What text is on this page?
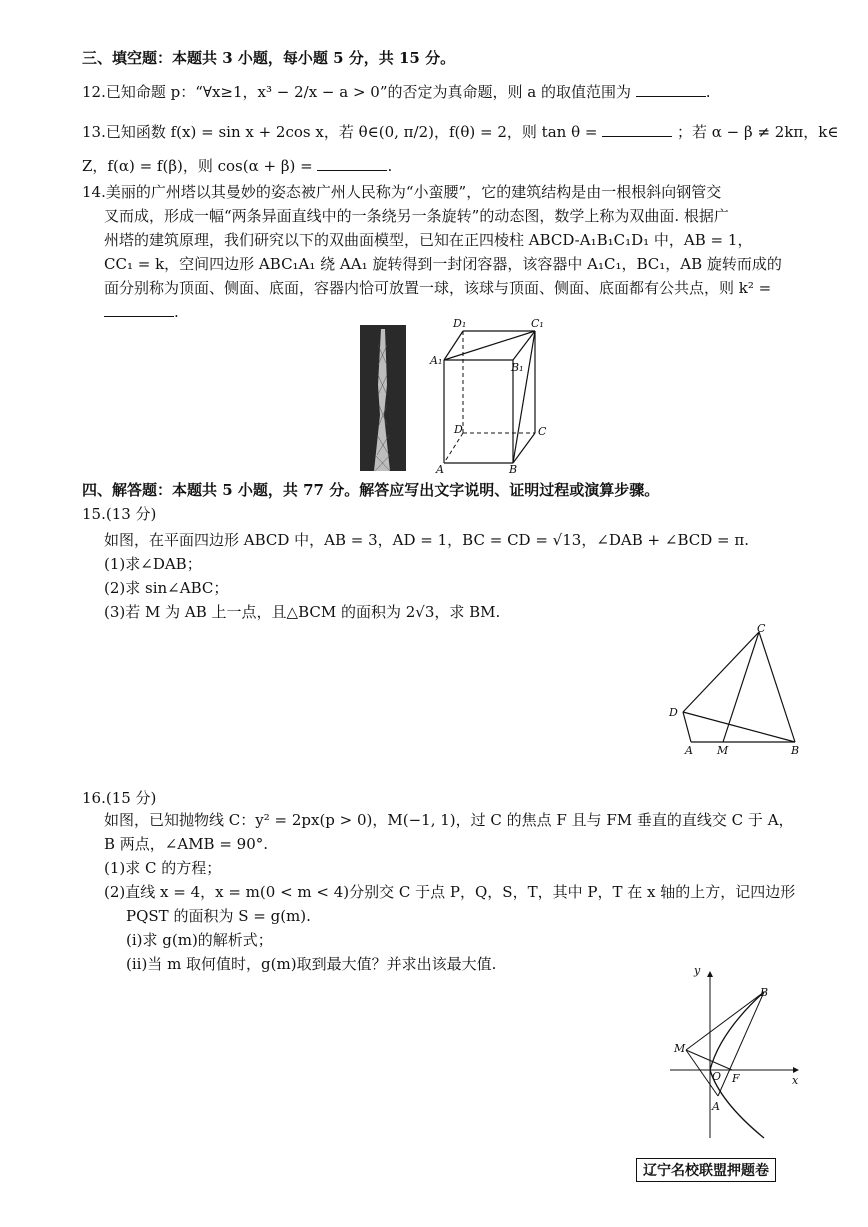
三、填空题：本题共 3 小题，每小题 5 分，共 15 分。
12.已知命题 p：“∀x≥1，x³ − 2/x − a > 0”的否定为真命题，则 a 的取值范围为	.
13.已知函数 f(x) = sin x + 2cos x，若 θ∈(0, π/2)，f(θ) = 2，则 tan θ =	；若 α − β ≠ 2kπ，k∈
Z，f(α) = f(β)，则 cos(α + β) =	.
14.美丽的广州塔以其曼妙的姿态被广州人民称为“小蛮腰”，它的建筑结构是由一根根斜向钢管交
叉而成，形成一幅“两条异面直线中的一条绕另一条旋转”的动态图，数学上称为双曲面. 根据广
州塔的建筑原理，我们研究以下的双曲面模型，已知在正四棱柱 ABCD-A₁B₁C₁D₁ 中，AB = 1，
CC₁ = k，空间四边形 ABC₁A₁ 绕 AA₁ 旋转得到一封闭容器，该容器中 A₁C₁，BC₁，AB 旋转而成的
面分别称为顶面、侧面、底面，容器内恰可放置一球，该球与顶面、侧面、底面都有公共点，则 k² =
.
D₁	C₁
A₁
B₁
D	C
A	B
四、解答题：本题共 5 小题，共 77 分。解答应写出文字说明、证明过程或演算步骤。
15.(13 分)
如图，在平面四边形 ABCD 中，AB = 3，AD = 1，BC = CD = √13，∠DAB + ∠BCD = π.
(1)求∠DAB；
(2)求 sin∠ABC；
(3)若 M 为 AB 上一点，且△BCM 的面积为 2√3，求 BM.
C
D
A M	B
16.(15 分)
如图，已知抛物线 C：y² = 2px(p > 0)，M(−1, 1)，过 C 的焦点 F 且与 FM 垂直的直线交 C 于 A，
B 两点，∠AMB = 90°.
(1)求 C 的方程；
(2)直线 x = 4，x = m(0 < m < 4)分别交 C 于点 P，Q，S，T，其中 P，T 在 x 轴的上方，记四边形
PQST 的面积为 S = g(m).
(i)求 g(m)的解析式；
(ii)当 m 取何值时，g(m)取到最大值？并求出该最大值.	y
B
M
O F	x
A
辽宁名校联盟押题卷
